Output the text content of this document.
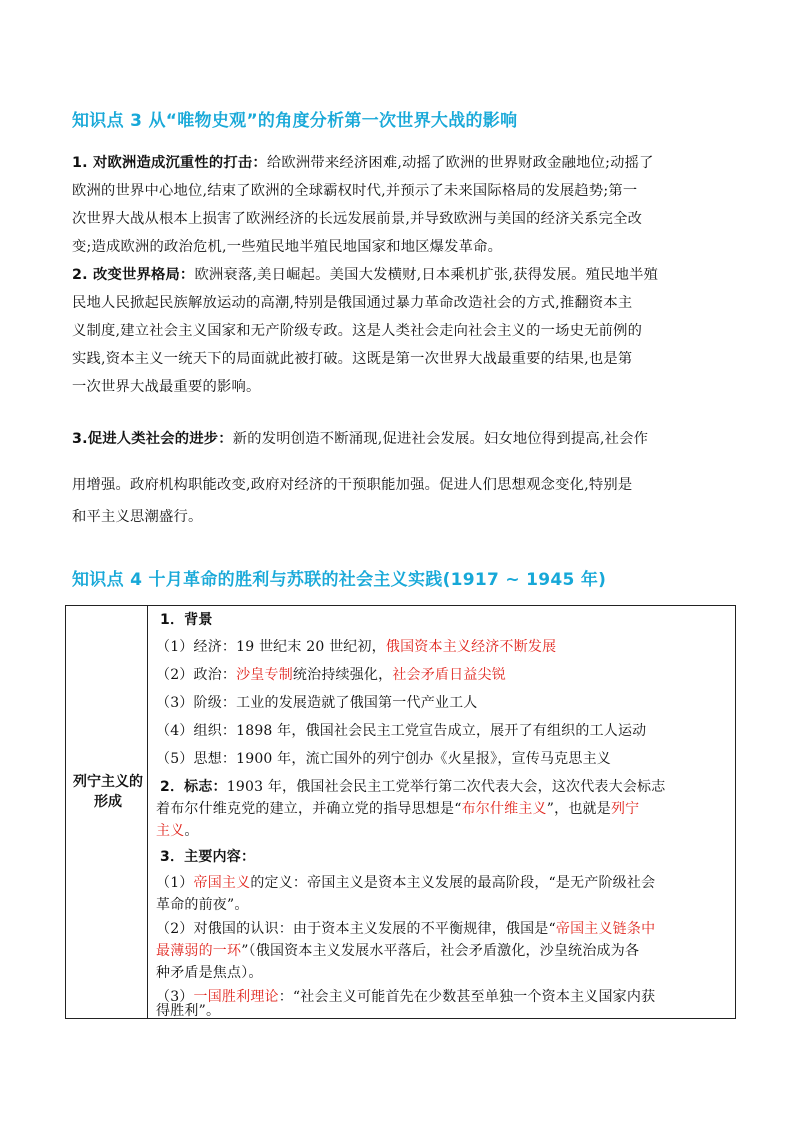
知识点 3 从“唯物史观”的角度分析第一次世界大战的影响
1. 对欧洲造成沉重性的打击：给欧洲带来经济困难,动摇了欧洲的世界财政金融地位;动摇了
欧洲的世界中心地位,结束了欧洲的全球霸权时代,并预示了未来国际格局的发展趋势;第一
次世界大战从根本上损害了欧洲经济的长远发展前景,并导致欧洲与美国的经济关系完全改
变;造成欧洲的政治危机,一些殖民地半殖民地国家和地区爆发革命。
2. 改变世界格局：欧洲衰落,美日崛起。美国大发横财,日本乘机扩张,获得发展。殖民地半殖
民地人民掀起民族解放运动的高潮,特别是俄国通过暴力革命改造社会的方式,推翻资本主
义制度,建立社会主义国家和无产阶级专政。这是人类社会走向社会主义的一场史无前例的
实践,资本主义一统天下的局面就此被打破。这既是第一次世界大战最重要的结果,也是第
一次世界大战最重要的影响。
3.促进人类社会的进步：新的发明创造不断涌现,促进社会发展。妇女地位得到提高,社会作
用增强。政府机构职能改变,政府对经济的干预职能加强。促进人们思想观念变化,特别是
和平主义思潮盛行。
知识点 4 十月革命的胜利与苏联的社会主义实践(1917 ~ 1945 年)
列宁主义的形成
1．背景
（1）经济：19 世纪末 20 世纪初，俄国资本主义经济不断发展
（2）政治：沙皇专制统治持续强化，社会矛盾日益尖锐
（3）阶级：工业的发展造就了俄国第一代产业工人
（4）组织：1898 年，俄国社会民主工党宣告成立，展开了有组织的工人运动
（5）思想：1900 年，流亡国外的列宁创办《火星报》，宣传马克思主义
2．标志：1903 年，俄国社会民主工党举行第二次代表大会，这次代表大会标志
着布尔什维克党的建立，并确立党的指导思想是“布尔什维主义”，也就是列宁
主义。
3．主要内容：
（1）帝国主义的定义：帝国主义是资本主义发展的最高阶段，“是无产阶级社会
革命的前夜”。
（2）对俄国的认识：由于资本主义发展的不平衡规律，俄国是“帝国主义链条中
最薄弱的一环”（俄国资本主义发展水平落后，社会矛盾激化，沙皇统治成为各
种矛盾是焦点）。
（3）一国胜利理论：“社会主义可能首先在少数甚至单独一个资本主义国家内获
得胜利”。
